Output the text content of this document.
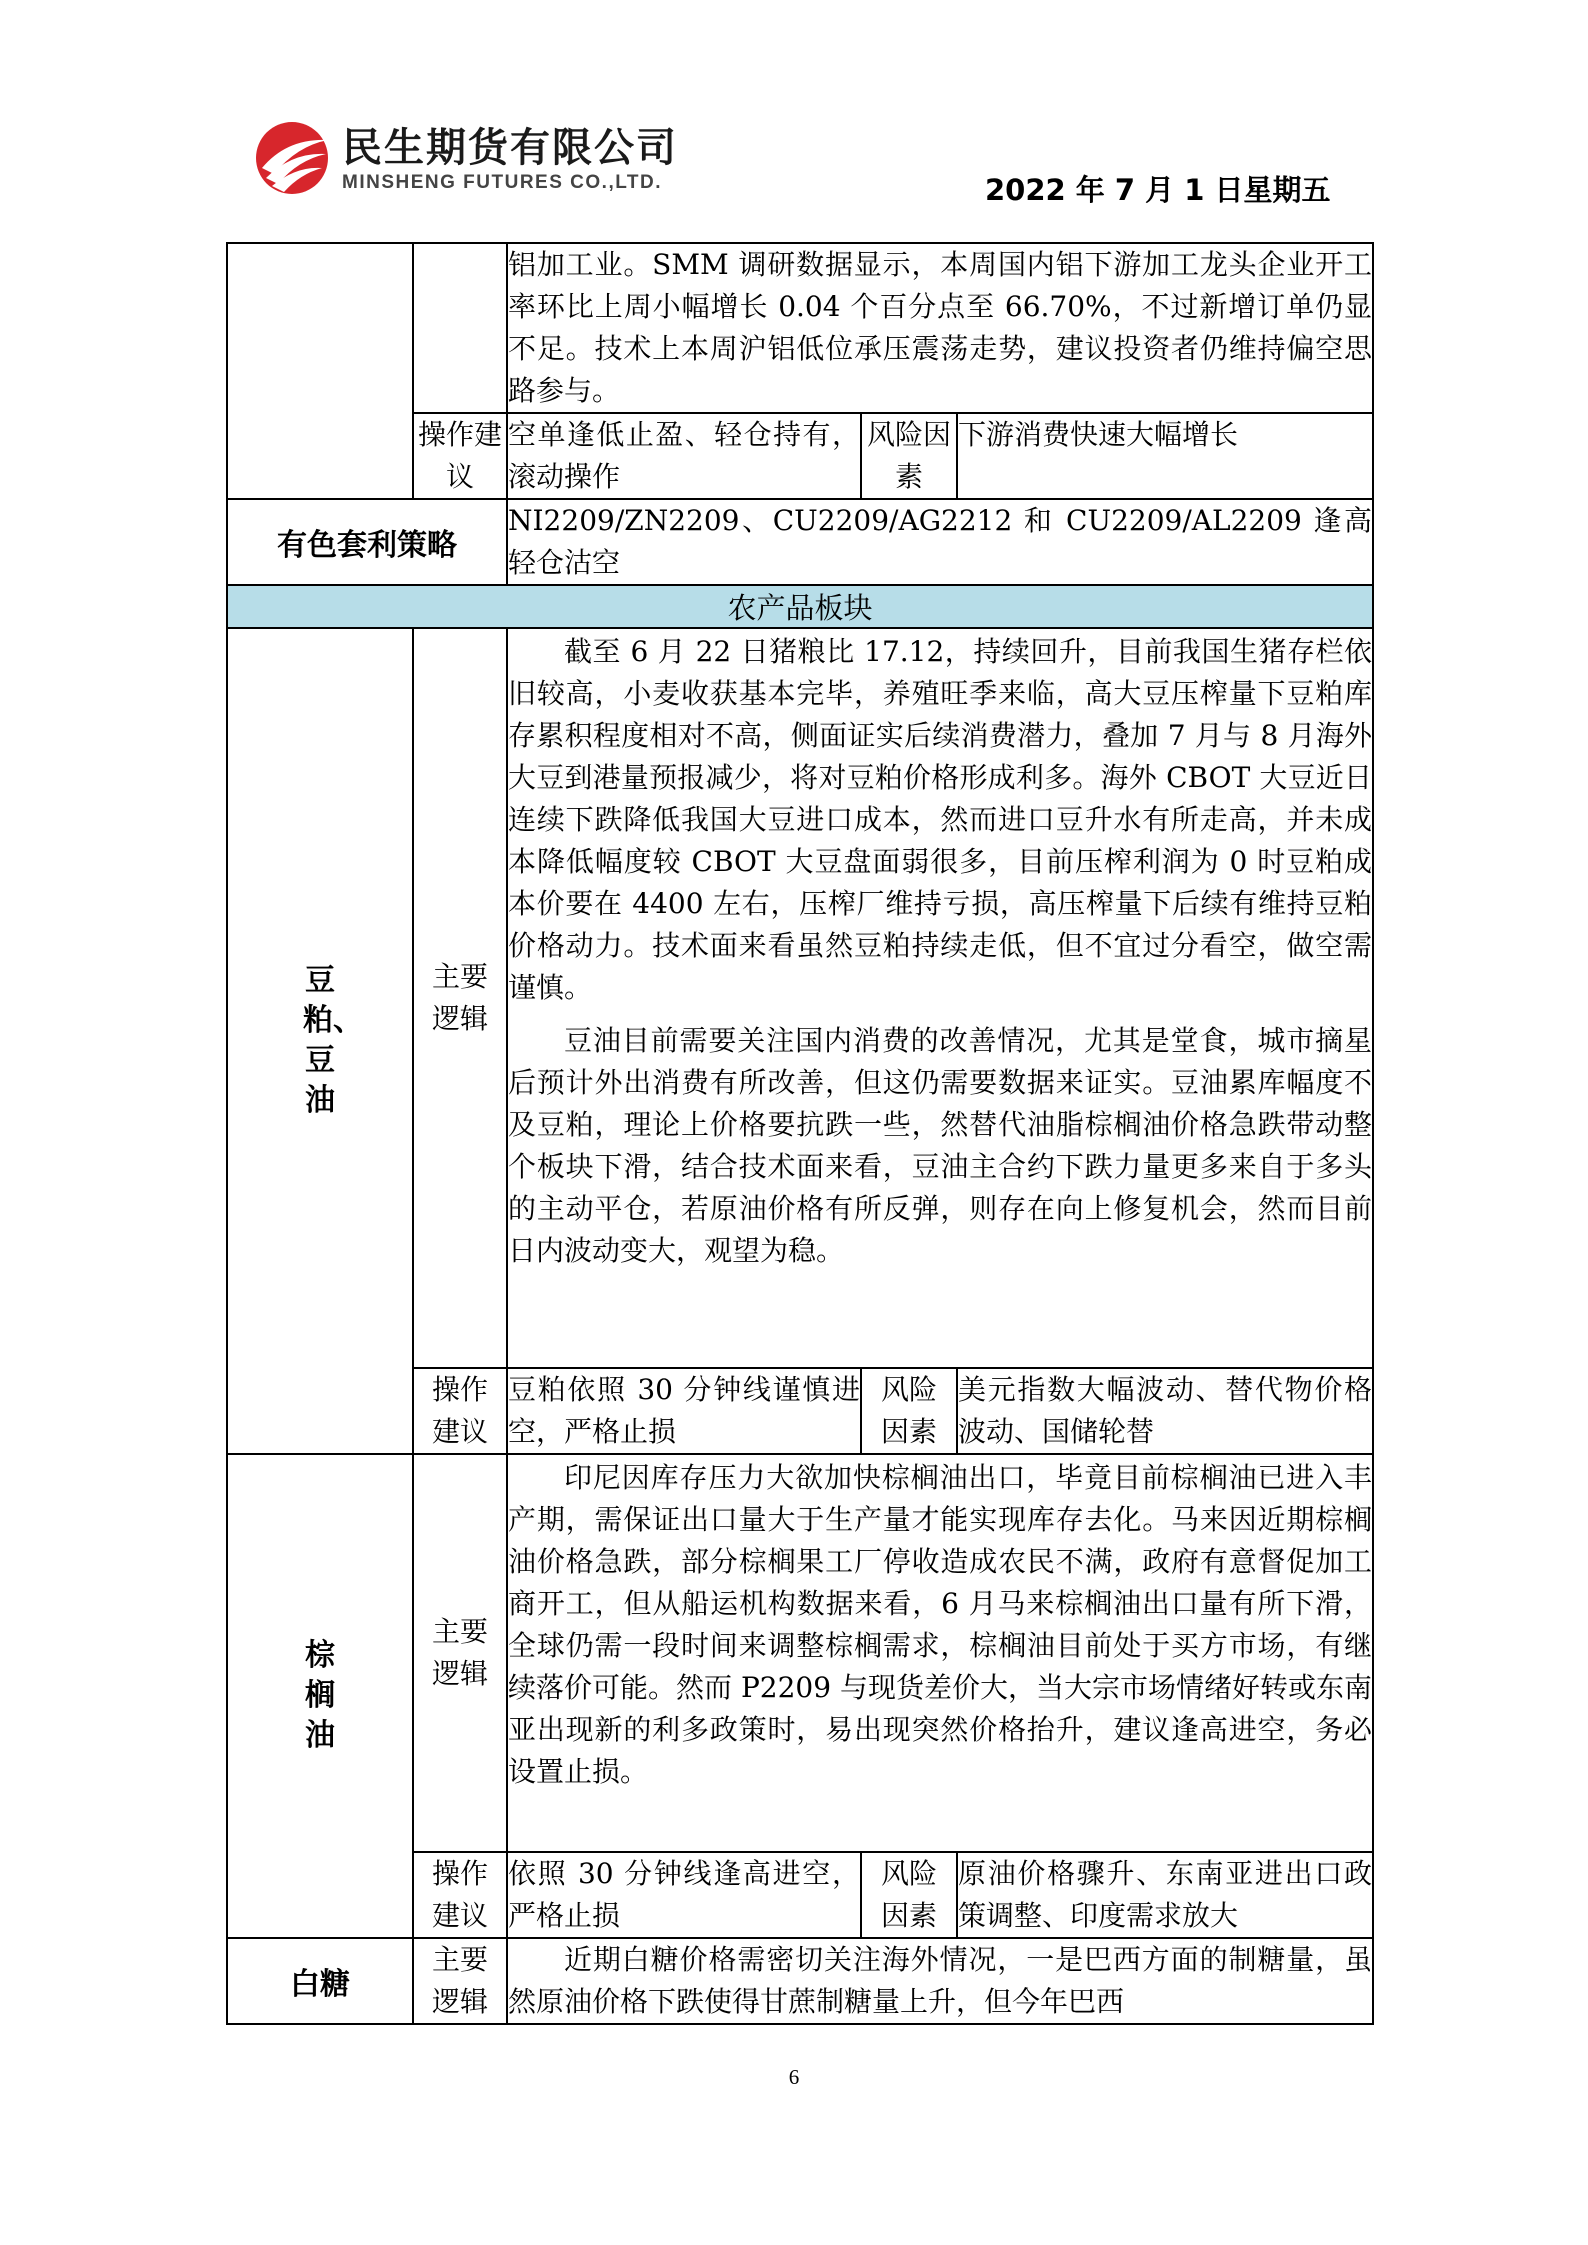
民生期货有限公司
MINSHENG FUTURES CO.,LTD.	2022 年 7 月 1 日星期五

		铝加工业。SMM 调研数据显示，本周国内铝下游加工龙头企业开工率环比上周小幅增长 0.04 个百分点至 66.70%，不过新增订单仍显不足。技术上本周沪铝低位承压震荡走势，建议投资者仍维持偏空思路参与。		

	操作建议	空单逢低止盈、轻仓持有，滚动操作	风险因素	下游消费快速大幅增长
有色套利策略		NI2209/ZN2209、CU2209/AG2212 和 CU2209/AL2209 逢高轻仓沽空		
农产品板块				
豆粕、豆油	主要逻辑	截至 6 月 22 日猪粮比 17.12，持续回升，目前我国生猪存栏依旧较高，小麦收获基本完毕，养殖旺季来临，高大豆压榨量下豆粕库存累积程度相对不高，侧面证实后续消费潜力，叠加 7 月与 8 月海外大豆到港量预报减少，将对豆粕价格形成利多。海外 CBOT 大豆近日连续下跌降低我国大豆进口成本，然而进口豆升水有所走高，并未成本降低幅度较 CBOT 大豆盘面弱很多，目前压榨利润为 0 时豆粕成本价要在 4400 左右，压榨厂维持亏损，高压榨量下后续有维持豆粕价格动力。技术面来看虽然豆粕持续走低，但不宜过分看空，做空需谨慎。

豆油目前需要关注国内消费的改善情况，尤其是堂食，城市摘星后预计外出消费有所改善，但这仍需要数据来证实。豆油累库幅度不及豆粕，理论上价格要抗跌一些，然替代油脂棕榈油价格急跌带动整个板块下滑，结合技术面来看，豆油主合约下跌力量更多来自于多头的主动平仓，若原油价格有所反弹，则存在向上修复机会，然而目前日内波动变大，观望为稳。		

	操作建议	豆粕依照 30 分钟线谨慎进空，严格止损	风险因素	美元指数大幅波动、替代物价格波动、国储轮替
棕榈油	主要逻辑	印尼因库存压力大欲加快棕榈油出口，毕竟目前棕榈油已进入丰产期，需保证出口量大于生产量才能实现库存去化。马来因近期棕榈油价格急跌，部分棕榈果工厂停收造成农民不满，政府有意督促加工商开工，但从船运机构数据来看，6 月马来棕榈油出口量有所下滑，全球仍需一段时间来调整棕榈需求，棕榈油目前处于买方市场，有继续落价可能。然而 P2209 与现货差价大，当大宗市场情绪好转或东南亚出现新的利多政策时，易出现突然价格抬升，建议逢高进空，务必设置止损。		

	操作建议	依照 30 分钟线逢高进空，严格止损	风险因素	原油价格骤升、东南亚进出口政策调整、印度需求放大
白糖	主要逻辑	近期白糖价格需密切关注海外情况，一是巴西方面的制糖量，虽然原油价格下跌使得甘蔗制糖量上升，但今年巴西		

6
